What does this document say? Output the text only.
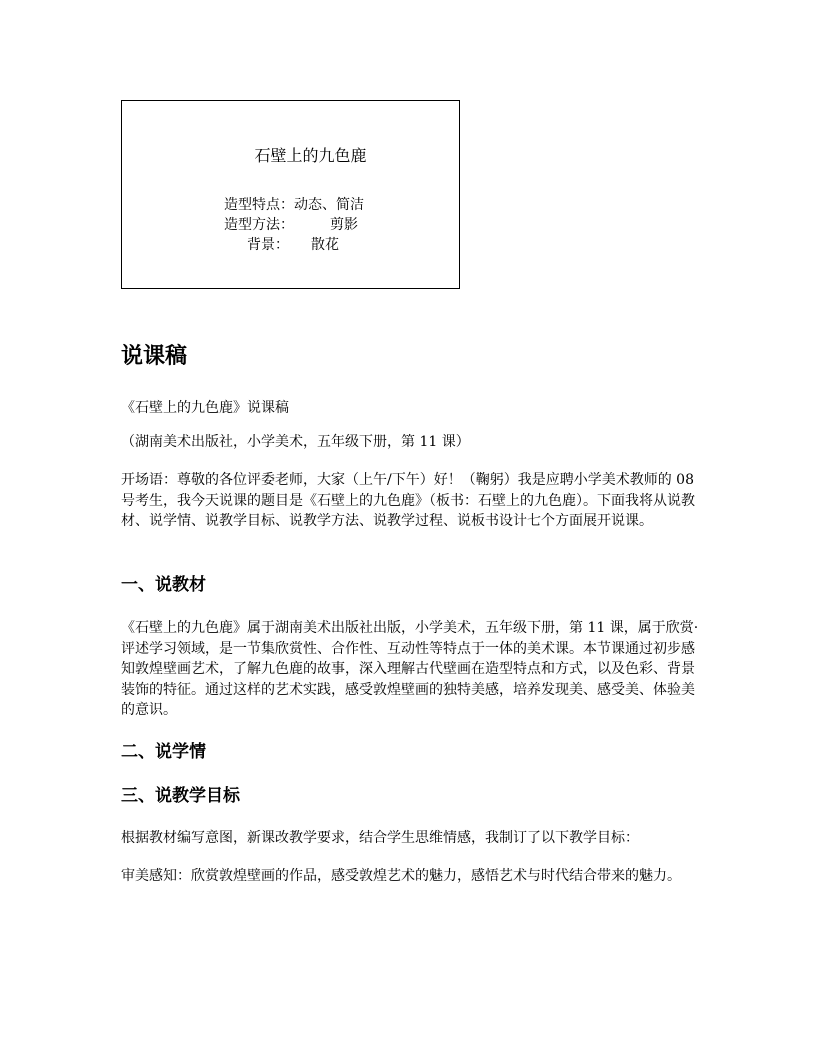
石壁上的九色鹿
造型特点：动态、简洁
造型方法：	剪影
背景： 散花
说课稿

《石壁上的九色鹿》说课稿

（湖南美术出版社，小学美术，五年级下册，第 11 课）

开场语：尊敬的各位评委老师，大家（上午/下午）好！（鞠躬）我是应聘小学美术教师的 08 号考生，我今天说课的题目是《石壁上的九色鹿》（板书：石壁上的九色鹿）。下面我将从说教材、说学情、说教学目标、说教学方法、说教学过程、说板书设计七个方面展开说课。

一、说教材

《石壁上的九色鹿》属于湖南美术出版社出版，小学美术，五年级下册，第 11 课，属于欣赏·评述学习领域，是一节集欣赏性、合作性、互动性等特点于一体的美术课。本节课通过初步感知敦煌壁画艺术，了解九色鹿的故事，深入理解古代壁画在造型特点和方式，以及色彩、背景装饰的特征。通过这样的艺术实践，感受敦煌壁画的独特美感，培养发现美、感受美、体验美的意识。

二、说学情
三、说教学目标

根据教材编写意图，新课改教学要求，结合学生思维情感，我制订了以下教学目标：

审美感知：欣赏敦煌壁画的作品，感受敦煌艺术的魅力，感悟艺术与时代结合带来的魅力。
